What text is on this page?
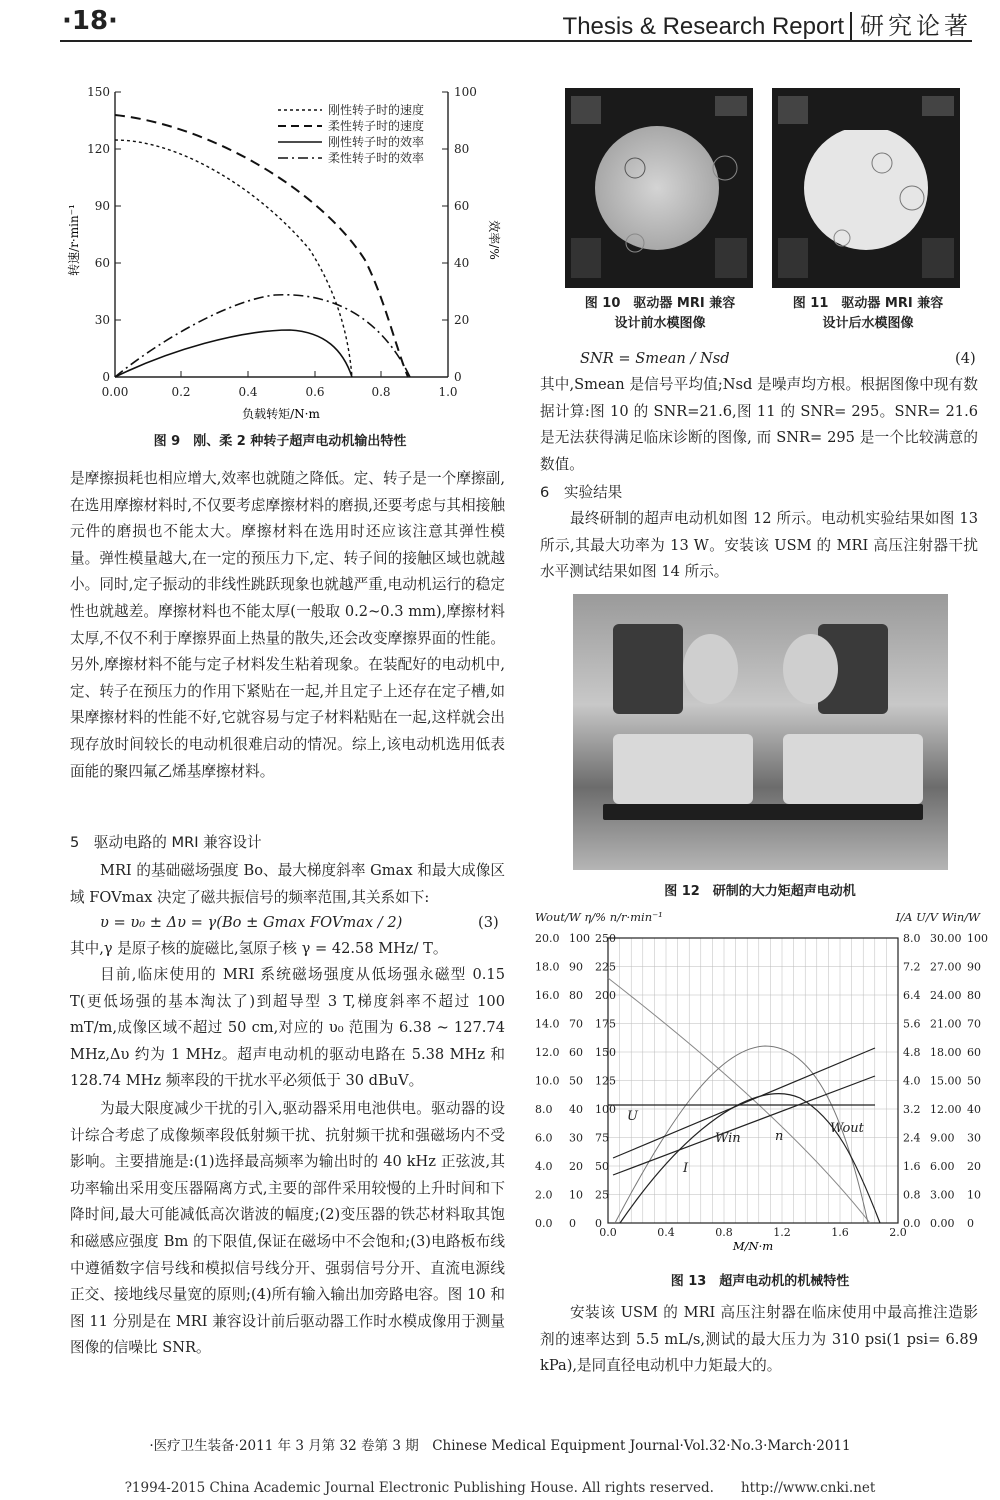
·18·	Thesis & Research Report 研究论著
150
120
90
60
30
0
100
80
60
40
20
0
0.00	0.2	0.4	0.6	0.8	1.0
负载转矩/N·m
转速/r·min⁻¹	效率/%
刚性转子时的速度
柔性转子时的速度
刚性转子时的效率
柔性转子时的效率
图 9　刚、柔 2 种转子超声电动机输出特性
是摩擦损耗也相应增大,效率也就随之降低。定、转子是一个摩擦副,在选用摩擦材料时,不仅要考虑摩擦材料的磨损,还要考虑与其相接触元件的磨损也不能太大。摩擦材料在选用时还应该注意其弹性模量。弹性模量越大,在一定的预压力下,定、转子间的接触区域也就越小。同时,定子振动的非线性跳跃现象也就越严重,电动机运行的稳定性也就越差。摩擦材料也不能太厚(一般取 0.2~0.3 mm),摩擦材料太厚,不仅不利于摩擦界面上热量的散失,还会改变摩擦界面的性能。另外,摩擦材料不能与定子材料发生粘着现象。在装配好的电动机中,定、转子在预压力的作用下紧贴在一起,并且定子上还存在定子槽,如果摩擦材料的性能不好,它就容易与定子材料粘贴在一起,这样就会出现存放时间较长的电动机很难启动的情况。综上,该电动机选用低表面能的聚四氟乙烯基摩擦材料。
5　驱动电路的 MRI 兼容设计
MRI 的基础磁场强度 Bo、最大梯度斜率 Gmax 和最大成像区域 FOVmax 决定了磁共振信号的频率范围,其关系如下:
υ = υ₀ ± Δυ = γ(Bo ± Gmax FOVmax / 2)	(3)
其中,γ 是原子核的旋磁比,氢原子核 γ = 42.58 MHz/ T。
目前,临床使用的 MRI 系统磁场强度从低场强永磁型 0.15 T(更低场强的基本淘汰了)到超导型 3 T,梯度斜率不超过 100 mT/m,成像区域不超过 50 cm,对应的 υ₀ 范围为 6.38 ~ 127.74 MHz,Δυ 约为 1 MHz。超声电动机的驱动电路在 5.38 MHz 和 128.74 MHz 频率段的干扰水平必须低于 30 dBuV。
为最大限度减少干扰的引入,驱动器采用电池供电。驱动器的设计综合考虑了成像频率段低射频干扰、抗射频干扰和强磁场内不受影响。主要措施是:(1)选择最高频率为输出时的 40 kHz 正弦波,其功率输出采用变压器隔离方式,主要的部件采用较慢的上升时间和下降时间,最大可能减低高次谐波的幅度;(2)变压器的铁芯材料取其饱和磁感应强度 Bm 的下限值,保证在磁场中不会饱和;(3)电路板布线中遵循数字信号线和模拟信号线分开、强弱信号分开、直流电源线正交、接地线尽量宽的原则;(4)所有输入输出加旁路电容。图 10 和图 11 分别是在 MRI 兼容设计前后驱动器工作时水模成像用于测量图像的信噪比 SNR。
图 10　驱动器 MRI 兼容
设计前水模图像
图 11　驱动器 MRI 兼容
设计后水模图像
SNR = Smean / Nsd	(4)
其中,Smean 是信号平均值;Nsd 是噪声均方根。根据图像中现有数据计算:图 10 的 SNR=21.6,图 11 的 SNR= 295。SNR= 21.6 是无法获得满足临床诊断的图像, 而 SNR= 295 是一个比较满意的数值。
6　实验结果
最终研制的超声电动机如图 12 所示。电动机实验结果如图 13 所示,其最大功率为 13 W。安装该 USM 的 MRI 高压注射器干扰水平测试结果如图 14 所示。
图 12　研制的大力矩超声电动机
Wout/W η/% n/r·min⁻¹	I/A U/V Win/W
20.0 100 250
18.0 90 225
16.0 80 200
14.0 70 175
12.0 60 150
10.0 50 125
8.0 40 100
6.0 30 75
4.0 20 50
2.0 10 25
0.0 0 0
8.0 30.00 100
7.2 27.00 90
6.4 24.00 80
5.6 21.00 70
4.8 18.00 60
4.0 15.00 50
3.2 12.00 40
2.4 9.00 30
1.6 6.00 20
0.8 3.00 10
0.0 0.00 0
0.0	0.4	0.8	1.2	1.6	2.0
M/N·m
U
Win	n
Wout
I
图 13　超声电动机的机械特性
安装该 USM 的 MRI 高压注射器在临床使用中最高推注造影剂的速率达到 5.5 mL/s,测试的最大压力为 310 psi(1 psi= 6.89 kPa),是同直径电动机中力矩最大的。
·医疗卫生装备·2011 年 3 月第 32 卷第 3 期　Chinese Medical Equipment Journal·Vol.32·No.3·March·2011
?1994-2015 China Academic Journal Electronic Publishing House. All rights reserved.　　http://www.cnki.net
